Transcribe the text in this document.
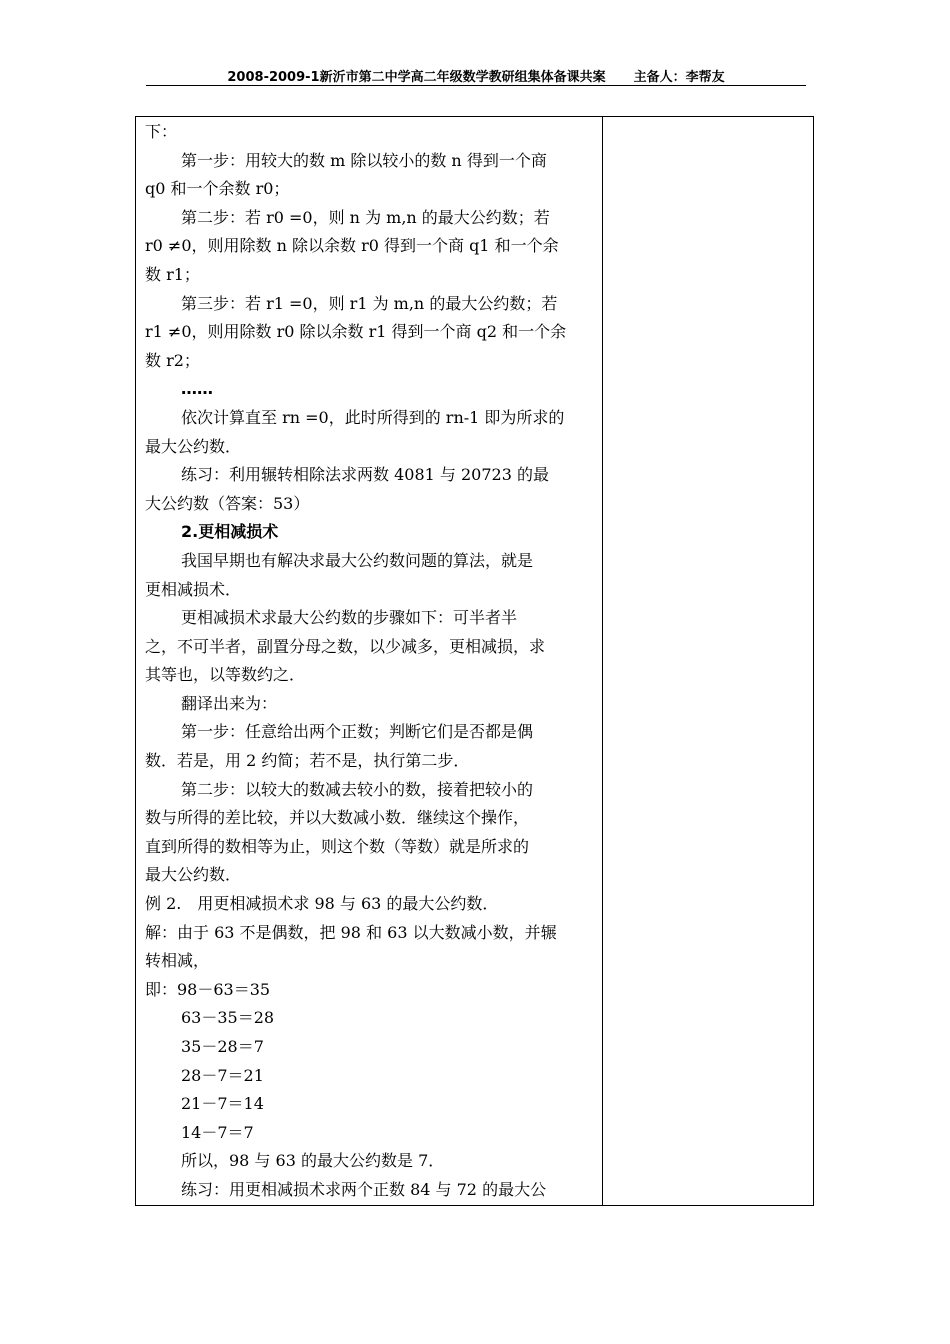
2008-2009-1新沂市第二中学高二年级数学教研组集体备课共案 主备人：李帮友

下：

第一步：用较大的数 m 除以较小的数 n 得到一个商

q0 和一个余数 r0；

第二步：若 r0 =0，则 n 为 m,n 的最大公约数；若

r0 ≠0，则用除数 n 除以余数 r0 得到一个商 q1 和一个余

数 r1；

第三步：若 r1 =0，则 r1 为 m,n 的最大公约数；若

r1 ≠0，则用除数 r0 除以余数 r1 得到一个商 q2 和一个余

数 r2；

……

依次计算直至 rn =0，此时所得到的 rn-1 即为所求的

最大公约数．

练习：利用辗转相除法求两数 4081 与 20723 的最

大公约数（答案：53）

2.更相减损术

我国早期也有解决求最大公约数问题的算法，就是

更相减损术．

更相减损术求最大公约数的步骤如下：可半者半

之，不可半者，副置分母之数，以少减多，更相减损，求

其等也，以等数约之．

翻译出来为：

第一步：任意给出两个正数；判断它们是否都是偶

数．若是，用 2 约简；若不是，执行第二步．

第二步：以较大的数减去较小的数，接着把较小的

数与所得的差比较，并以大数减小数．继续这个操作，

直到所得的数相等为止，则这个数（等数）就是所求的

最大公约数．

例 2.　用更相减损术求 98 与 63 的最大公约数．

解：由于 63 不是偶数，把 98 和 63 以大数减小数，并辗

转相减，

即：98－63＝35

63－35＝28

35－28＝7

28－7＝21

21－7＝14

14－7＝7

所以，98 与 63 的最大公约数是 7．

练习：用更相减损术求两个正数 84 与 72 的最大公
